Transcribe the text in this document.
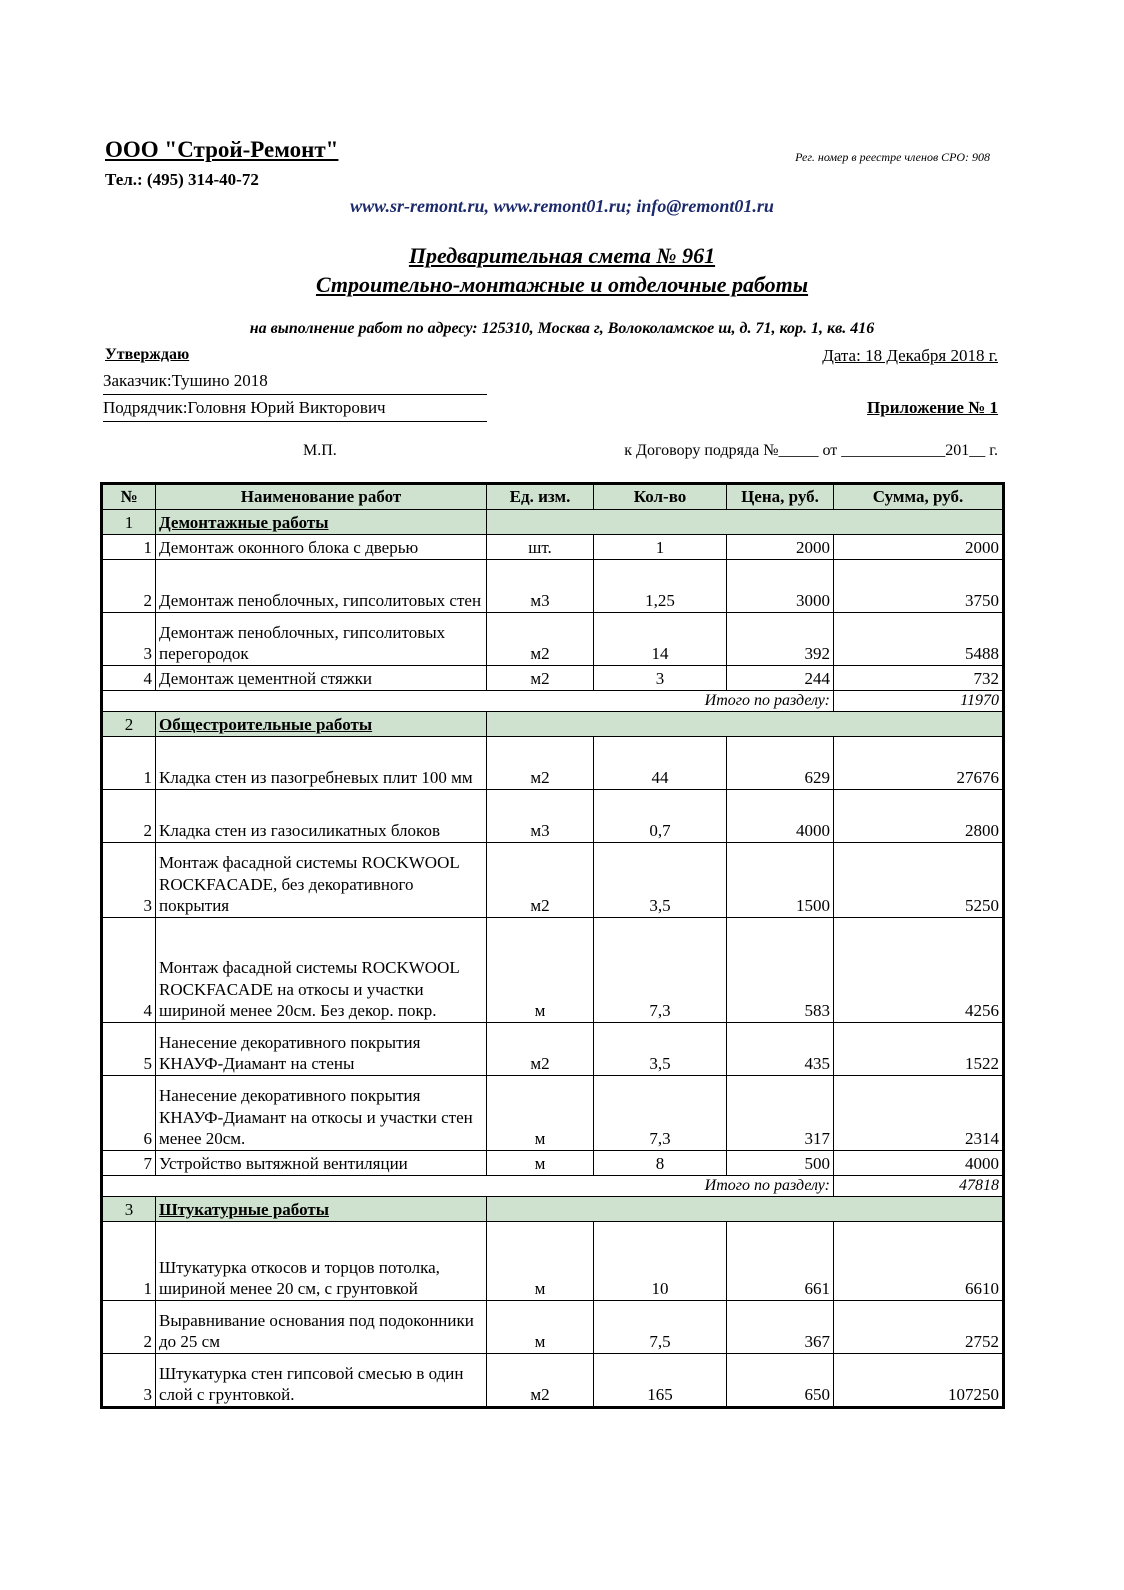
ООО "Строй-Ремонт"	Рег. номер в реестре членов СРО: 908
Тел.: (495) 314-40-72
www.sr-remont.ru, www.remont01.ru; info@remont01.ru
Предварительная смета № 961
Строительно-монтажные и отделочные работы
на выполнение работ по адресу: 125310, Москва г, Волоколамское ш, д. 71, кор. 1, кв. 416
Утверждаю	Дата: 18 Декабря 2018 г.
Заказчик:Тушино 2018
Подрядчик:Головня Юрий Викторович	Приложение № 1
М.П.	к Договору подряда №_____ от _____________201__ г.
№	Наименование работ	Ед. изм.	Кол-во	Цена, руб.	Сумма, руб.
1	Демонтажные работы				
1	Демонтаж оконного блока с дверью	шт.	1	2000	2000
2	Демонтаж пеноблочных, гипсолитовых стен	м3	1,25	3000	3750
3	Демонтаж пеноблочных, гипсолитовых перегородок	м2	14	392	5488
4	Демонтаж цементной стяжки	м2	3	244	732
Итого по разделу:					11970
2	Общестроительные работы				
1	Кладка стен из пазогребневых плит 100 мм	м2	44	629	27676
2	Кладка стен из газосиликатных блоков	м3	0,7	4000	2800
3	Монтаж фасадной системы ROCKWOOL ROCKFACADE, без декоративного покрытия	м2	3,5	1500	5250
4	Монтаж фасадной системы ROCKWOOL ROCKFACADE на откосы и участки шириной менее 20см. Без декор. покр.	м	7,3	583	4256
5	Нанесение декоративного покрытия КНАУФ-Диамант на стены	м2	3,5	435	1522
6	Нанесение декоративного покрытия КНАУФ-Диамант на откосы и участки стен менее 20см.	м	7,3	317	2314
7	Устройство вытяжной вентиляции	м	8	500	4000
Итого по разделу:					47818
3	Штукатурные работы				
1	Штукатурка откосов и торцов потолка, шириной менее 20 см, с грунтовкой	м	10	661	6610
2	Выравнивание основания под подоконники до 25 см	м	7,5	367	2752
3	Штукатурка стен гипсовой смесью в один слой с грунтовкой.	м2	165	650	107250
